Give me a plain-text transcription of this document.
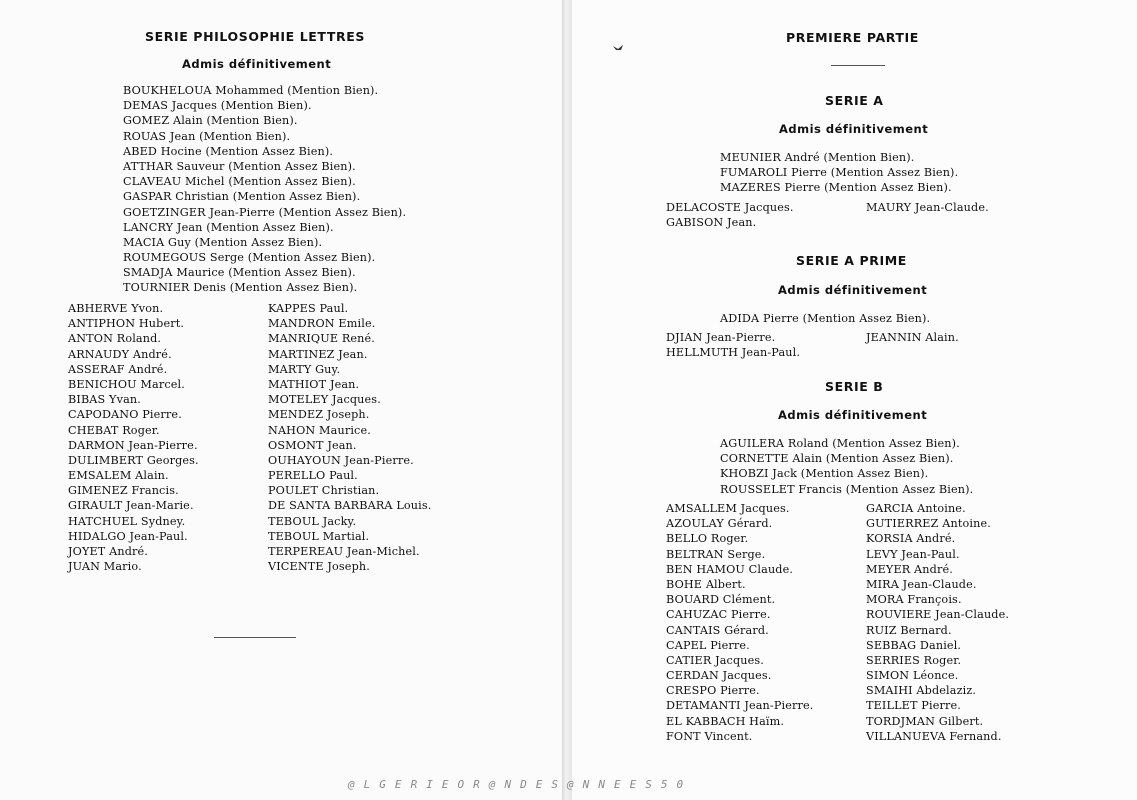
SERIE PHILOSOPHIE LETTRES
Admis définitivement
BOUKHELOUA Mohammed (Mention Bien).
DEMAS Jacques (Mention Bien).
GOMEZ Alain (Mention Bien).
ROUAS Jean (Mention Bien).
ABED Hocine (Mention Assez Bien).
ATTHAR Sauveur (Mention Assez Bien).
CLAVEAU Michel (Mention Assez Bien).
GASPAR Christian (Mention Assez Bien).
GOETZINGER Jean-Pierre (Mention Assez Bien).
LANCRY Jean (Mention Assez Bien).
MACIA Guy (Mention Assez Bien).
ROUMEGOUS Serge (Mention Assez Bien).
SMADJA Maurice (Mention Assez Bien).
TOURNIER Denis (Mention Assez Bien).
ABHERVE Yvon.
ANTIPHON Hubert.
ANTON Roland.
ARNAUDY André.
ASSERAF André.
BENICHOU Marcel.
BIBAS Yvan.
CAPODANO Pierre.
CHEBAT Roger.
DARMON Jean-Pierre.
DULIMBERT Georges.
EMSALEM Alain.
GIMENEZ Francis.
GIRAULT Jean-Marie.
HATCHUEL Sydney.
HIDALGO Jean-Paul.
JOYET André.
JUAN Mario.
KAPPES Paul.
MANDRON Emile.
MANRIQUE René.
MARTINEZ Jean.
MARTY Guy.
MATHIOT Jean.
MOTELEY Jacques.
MENDEZ Joseph.
NAHON Maurice.
OSMONT Jean.
OUHAYOUN Jean-Pierre.
PERELLO Paul.
POULET Christian.
DE SANTA BARBARA Louis.
TEBOUL Jacky.
TEBOUL Martial.
TERPEREAU Jean-Michel.
VICENTE Joseph.
PREMIERE PARTIE
SERIE A
Admis définitivement
MEUNIER André (Mention Bien).
FUMAROLI Pierre (Mention Assez Bien).
MAZERES Pierre (Mention Assez Bien).
DELACOSTE Jacques.
GABISON Jean.
MAURY Jean-Claude.
SERIE A PRIME
Admis définitivement
ADIDA Pierre (Mention Assez Bien).
DJIAN Jean-Pierre.
HELLMUTH Jean-Paul.
JEANNIN Alain.
SERIE B
Admis définitivement
AGUILERA Roland (Mention Assez Bien).
CORNETTE Alain (Mention Assez Bien).
KHOBZI Jack (Mention Assez Bien).
ROUSSELET Francis (Mention Assez Bien).
AMSALLEM Jacques.
AZOULAY Gérard.
BELLO Roger.
BELTRAN Serge.
BEN HAMOU Claude.
BOHE Albert.
BOUARD Clément.
CAHUZAC Pierre.
CANTAIS Gérard.
CAPEL Pierre.
CATIER Jacques.
CERDAN Jacques.
CRESPO Pierre.
DETAMANTI Jean-Pierre.
EL KABBACH Haïm.
FONT Vincent.
GARCIA Antoine.
GUTIERREZ Antoine.
KORSIA André.
LEVY Jean-Paul.
MEYER André.
MIRA Jean-Claude.
MORA François.
ROUVIERE Jean-Claude.
RUIZ Bernard.
SEBBAG Daniel.
SERRIES Roger.
SIMON Léonce.
SMAIHI Abdelaziz.
TEILLET Pierre.
TORDJMAN Gilbert.
VILLANUEVA Fernand.
@ L G E R I E O R @ N D E S @ N N E E S 5 0
